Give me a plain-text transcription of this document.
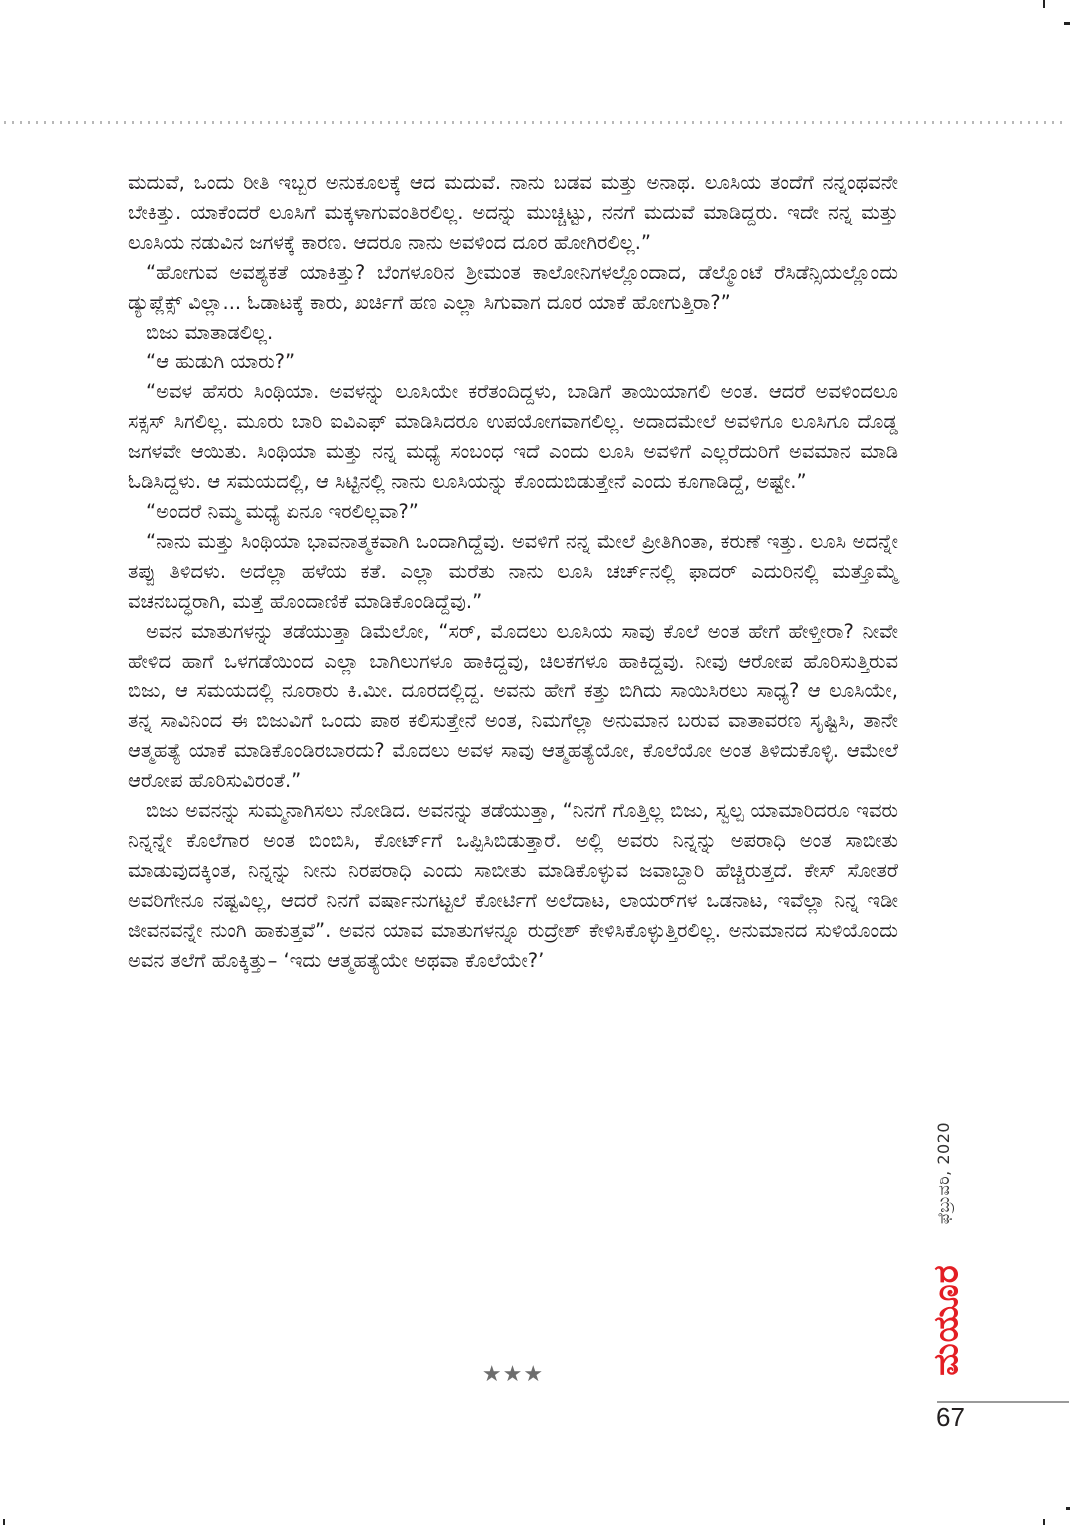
ಮದುವೆ, ಒಂದು ರೀತಿ ಇಬ್ಬರ ಅನುಕೂಲಕ್ಕೆ ಆದ ಮದುವೆ. ನಾನು ಬಡವ ಮತ್ತು ಅನಾಥ. ಲೂಸಿಯ ತಂದೆಗೆ ನನ್ನಂಥವನೇ ಬೇಕಿತ್ತು. ಯಾಕೆಂದರೆ ಲೂಸಿಗೆ ಮಕ್ಕಳಾಗುವಂತಿರಲಿಲ್ಲ. ಅದನ್ನು ಮುಚ್ಚಿಟ್ಟು, ನನಗೆ ಮದುವೆ ಮಾಡಿದ್ದರು. ಇದೇ ನನ್ನ ಮತ್ತು ಲೂಸಿಯ ನಡುವಿನ ಜಗಳಕ್ಕೆ ಕಾರಣ. ಆದರೂ ನಾನು ಅವಳಿಂದ ದೂರ ಹೋಗಿರಲಿಲ್ಲ.”

“ಹೋಗುವ ಅವಶ್ಯಕತೆ ಯಾಕಿತ್ತು? ಬೆಂಗಳೂರಿನ ಶ್ರೀಮಂತ ಕಾಲೋನಿಗಳಲ್ಲೊಂದಾದ, ಡೆಲ್ಮೊಂಟೆ ರೆಸಿಡೆನ್ಸಿಯಲ್ಲೊಂದು ಡ್ಯುಪ್ಲೆಕ್ಸ್ ವಿಲ್ಲಾ... ಓಡಾಟಕ್ಕೆ ಕಾರು, ಖರ್ಚಿಗೆ ಹಣ ಎಲ್ಲಾ ಸಿಗುವಾಗ ದೂರ ಯಾಕೆ ಹೋಗುತ್ತಿರಾ?”

ಬಿಜು ಮಾತಾಡಲಿಲ್ಲ.

“ಆ ಹುಡುಗಿ ಯಾರು?”

“ಅವಳ ಹೆಸರು ಸಿಂಥಿಯಾ. ಅವಳನ್ನು ಲೂಸಿಯೇ ಕರೆತಂದಿದ್ದಳು, ಬಾಡಿಗೆ ತಾಯಿಯಾಗಲಿ ಅಂತ. ಆದರೆ ಅವಳಿಂದಲೂ ಸಕ್ಸಸ್ ಸಿಗಲಿಲ್ಲ. ಮೂರು ಬಾರಿ ಐವಿಎಫ್ ಮಾಡಿಸಿದರೂ ಉಪಯೋಗವಾಗಲಿಲ್ಲ. ಅದಾದಮೇಲೆ ಅವಳಿಗೂ ಲೂಸಿಗೂ ದೊಡ್ಡ ಜಗಳವೇ ಆಯಿತು. ಸಿಂಥಿಯಾ ಮತ್ತು ನನ್ನ ಮಧ್ಯೆ ಸಂಬಂಧ ಇದೆ ಎಂದು ಲೂಸಿ ಅವಳಿಗೆ ಎಲ್ಲರೆದುರಿಗೆ ಅವಮಾನ ಮಾಡಿ ಓಡಿಸಿದ್ದಳು. ಆ ಸಮಯದಲ್ಲಿ, ಆ ಸಿಟ್ಟಿನಲ್ಲಿ ನಾನು ಲೂಸಿಯನ್ನು ಕೊಂದುಬಿಡುತ್ತೇನೆ ಎಂದು ಕೂಗಾಡಿದ್ದೆ, ಅಷ್ಟೇ.”

“ಅಂದರೆ ನಿಮ್ಮ ಮಧ್ಯೆ ಏನೂ ಇರಲಿಲ್ಲವಾ?”

“ನಾನು ಮತ್ತು ಸಿಂಥಿಯಾ ಭಾವನಾತ್ಮಕವಾಗಿ ಒಂದಾಗಿದ್ದೆವು. ಅವಳಿಗೆ ನನ್ನ ಮೇಲೆ ಪ್ರೀತಿಗಿಂತಾ, ಕರುಣೆ ಇತ್ತು. ಲೂಸಿ ಅದನ್ನೇ ತಪ್ಪು ತಿಳಿದಳು. ಅದೆಲ್ಲಾ ಹಳೆಯ ಕತೆ. ಎಲ್ಲಾ ಮರೆತು ನಾನು ಲೂಸಿ ಚರ್ಚ್‌ನಲ್ಲಿ ಫಾದರ್ ಎದುರಿನಲ್ಲಿ ಮತ್ತೊಮ್ಮೆ ವಚನಬದ್ಧರಾಗಿ, ಮತ್ತೆ ಹೊಂದಾಣಿಕೆ ಮಾಡಿಕೊಂಡಿದ್ದೆವು.”

ಅವನ ಮಾತುಗಳನ್ನು ತಡೆಯುತ್ತಾ ಡಿಮೆಲೋ, “ಸರ್, ಮೊದಲು ಲೂಸಿಯ ಸಾವು ಕೊಲೆ ಅಂತ ಹೇಗೆ ಹೇಳ್ತೀರಾ? ನೀವೇ ಹೇಳಿದ ಹಾಗೆ ಒಳಗಡೆಯಿಂದ ಎಲ್ಲಾ ಬಾಗಿಲುಗಳೂ ಹಾಕಿದ್ದವು, ಚಿಲಕಗಳೂ ಹಾಕಿದ್ದವು. ನೀವು ಆರೋಪ ಹೊರಿಸುತ್ತಿರುವ ಬಿಜು, ಆ ಸಮಯದಲ್ಲಿ ನೂರಾರು ಕಿ.ಮೀ. ದೂರದಲ್ಲಿದ್ದ. ಅವನು ಹೇಗೆ ಕತ್ತು ಬಿಗಿದು ಸಾಯಿಸಿರಲು ಸಾಧ್ಯ? ಆ ಲೂಸಿಯೇ, ತನ್ನ ಸಾವಿನಿಂದ ಈ ಬಿಜುವಿಗೆ ಒಂದು ಪಾಠ ಕಲಿಸುತ್ತೇನೆ ಅಂತ, ನಿಮಗೆಲ್ಲಾ ಅನುಮಾನ ಬರುವ ವಾತಾವರಣ ಸೃಷ್ಟಿಸಿ, ತಾನೇ ಆತ್ಮಹತ್ಯೆ ಯಾಕೆ ಮಾಡಿಕೊಂಡಿರಬಾರದು? ಮೊದಲು ಅವಳ ಸಾವು ಆತ್ಮಹತ್ಯೆಯೋ, ಕೊಲೆಯೋ ಅಂತ ತಿಳಿದುಕೊಳ್ಳಿ. ಆಮೇಲೆ ಆರೋಪ ಹೊರಿಸುವಿರಂತೆ.”

ಬಿಜು ಅವನನ್ನು ಸುಮ್ಮನಾಗಿಸಲು ನೋಡಿದ. ಅವನನ್ನು ತಡೆಯುತ್ತಾ, “ನಿನಗೆ ಗೊತ್ತಿಲ್ಲ ಬಿಜು, ಸ್ವಲ್ಪ ಯಾಮಾರಿದರೂ ಇವರು ನಿನ್ನನ್ನೇ ಕೊಲೆಗಾರ ಅಂತ ಬಿಂಬಿಸಿ, ಕೋರ್ಟ್‌ಗೆ ಒಪ್ಪಿಸಿಬಿಡುತ್ತಾರೆ. ಅಲ್ಲಿ ಅವರು ನಿನ್ನನ್ನು ಅಪರಾಧಿ ಅಂತ ಸಾಬೀತು ಮಾಡುವುದಕ್ಕಿಂತ, ನಿನ್ನನ್ನು ನೀನು ನಿರಪರಾಧಿ ಎಂದು ಸಾಬೀತು ಮಾಡಿಕೊಳ್ಳುವ ಜವಾಬ್ದಾರಿ ಹೆಚ್ಚಿರುತ್ತದೆ. ಕೇಸ್ ಸೋತರೆ ಅವರಿಗೇನೂ ನಷ್ಟವಿಲ್ಲ, ಆದರೆ ನಿನಗೆ ವರ್ಷಾನುಗಟ್ಟಲೆ ಕೋರ್ಟಿಗೆ ಅಲೆದಾಟ, ಲಾಯರ್‌ಗಳ ಒಡನಾಟ, ಇವೆಲ್ಲಾ ನಿನ್ನ ಇಡೀ ಜೀವನವನ್ನೇ ನುಂಗಿ ಹಾಕುತ್ತವೆ”. ಅವನ ಯಾವ ಮಾತುಗಳನ್ನೂ ರುದ್ರೇಶ್ ಕೇಳಿಸಿಕೊಳ್ಳುತ್ತಿರಲಿಲ್ಲ. ಅನುಮಾನದ ಸುಳಿಯೊಂದು ಅವನ ತಲೆಗೆ ಹೊಕ್ಕಿತ್ತು– ‘ಇದು ಆತ್ಮಹತ್ಯೆಯೇ ಅಥವಾ ಕೊಲೆಯೇ?’

★★★
ಫೆಬ್ರುವರಿ, 2020
ಮಯೂರ
67
